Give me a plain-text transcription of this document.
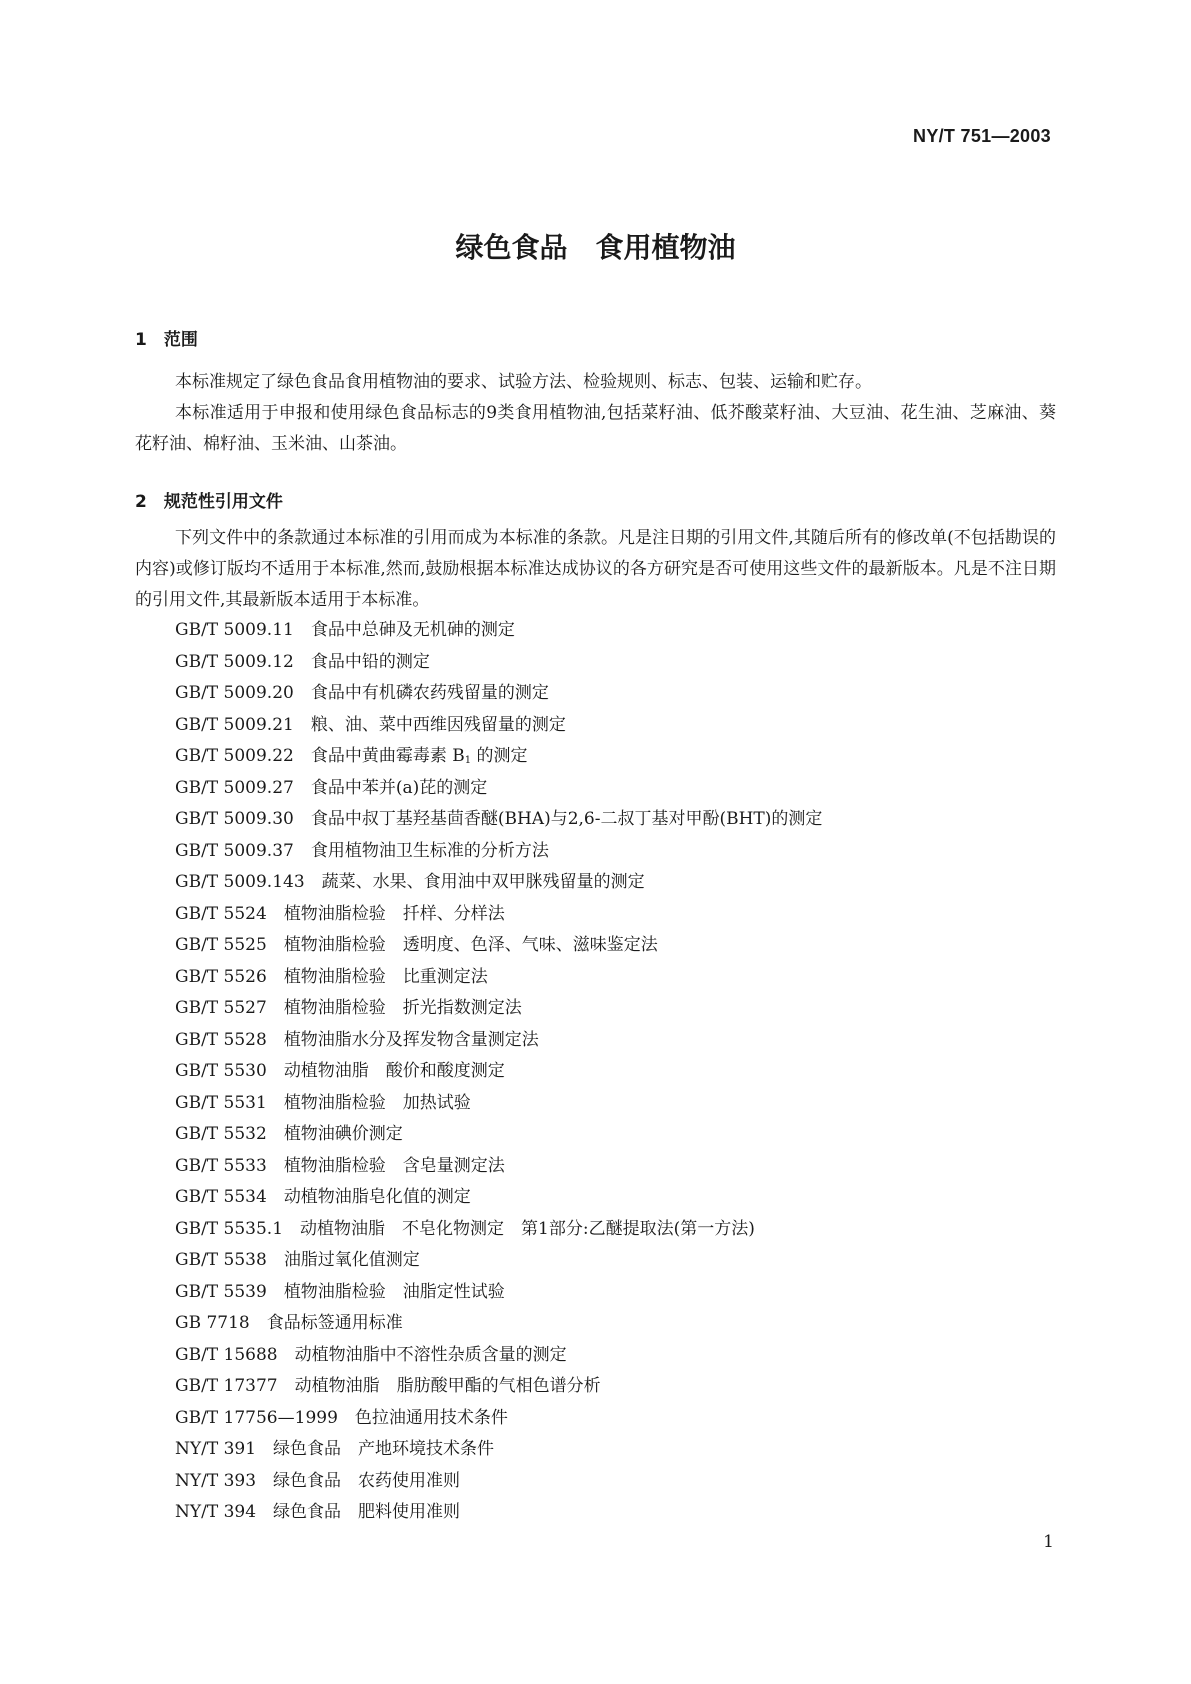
NY/T 751—2003
绿色食品　食用植物油
1　范围

本标准规定了绿色食品食用植物油的要求、试验方法、检验规则、标志、包装、运输和贮存。

本标准适用于申报和使用绿色食品标志的9类食用植物油,包括菜籽油、低芥酸菜籽油、大豆油、花生油、芝麻油、葵花籽油、棉籽油、玉米油、山茶油。

2　规范性引用文件

下列文件中的条款通过本标准的引用而成为本标准的条款。凡是注日期的引用文件,其随后所有的修改单(不包括勘误的内容)或修订版均不适用于本标准,然而,鼓励根据本标准达成协议的各方研究是否可使用这些文件的最新版本。凡是不注日期的引用文件,其最新版本适用于本标准。

GB/T 5009.11 食品中总砷及无机砷的测定
GB/T 5009.12 食品中铅的测定
GB/T 5009.20 食品中有机磷农药残留量的测定
GB/T 5009.21 粮、油、菜中西维因残留量的测定
GB/T 5009.22 食品中黄曲霉毒素 $B_1$ 的测定
GB/T 5009.27 食品中苯并(a)芘的测定
GB/T 5009.30 食品中叔丁基羟基茴香醚(BHA)与2,6-二叔丁基对甲酚(BHT)的测定
GB/T 5009.37 食用植物油卫生标准的分析方法
GB/T 5009.143 蔬菜、水果、食用油中双甲脒残留量的测定
GB/T 5524 植物油脂检验　扦样、分样法
GB/T 5525 植物油脂检验　透明度、色泽、气味、滋味鉴定法
GB/T 5526 植物油脂检验　比重测定法
GB/T 5527 植物油脂检验　折光指数测定法
GB/T 5528 植物油脂水分及挥发物含量测定法
GB/T 5530 动植物油脂　酸价和酸度测定
GB/T 5531 植物油脂检验　加热试验
GB/T 5532 植物油碘价测定
GB/T 5533 植物油脂检验　含皂量测定法
GB/T 5534 动植物油脂皂化值的测定
GB/T 5535.1 动植物油脂　不皂化物测定　第1部分:乙醚提取法(第一方法)
GB/T 5538 油脂过氧化值测定
GB/T 5539 植物油脂检验　油脂定性试验
GB 7718 食品标签通用标准
GB/T 15688 动植物油脂中不溶性杂质含量的测定
GB/T 17377 动植物油脂　脂肪酸甲酯的气相色谱分析
GB/T 17756—1999 色拉油通用技术条件
NY/T 391 绿色食品　产地环境技术条件
NY/T 393 绿色食品　农药使用准则
NY/T 394 绿色食品　肥料使用准则
1
